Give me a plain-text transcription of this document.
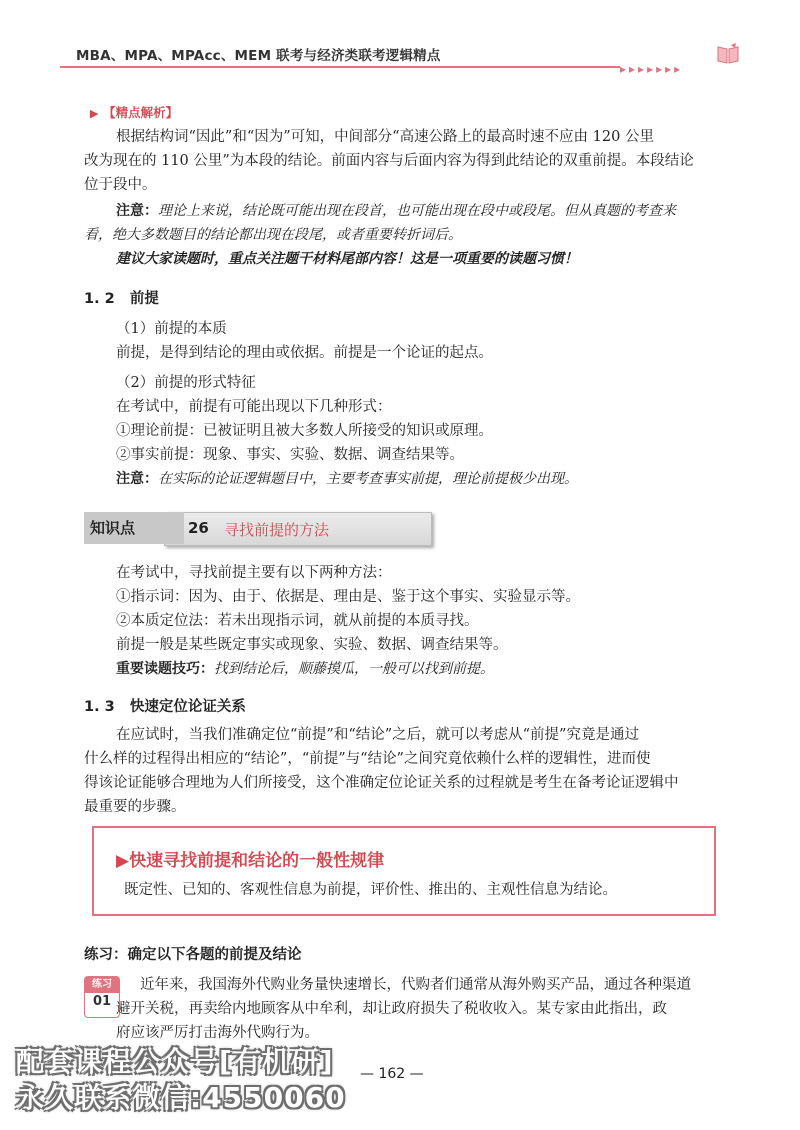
MBA、MPA、MPAcc、MEM 联考与经济类联考逻辑精点
▸▸▸▸▸▸▸
▶ 【精点解析】
根据结构词“因此”和“因为”可知，中间部分“高速公路上的最高时速不应由 120 公里
改为现在的 110 公里”为本段的结论。前面内容与后面内容为得到此结论的双重前提。本段结论
位于段中。
注意：理论上来说，结论既可能出现在段首，也可能出现在段中或段尾。但从真题的考查来
看，绝大多数题目的结论都出现在段尾，或者重要转折词后。
建议大家读题时，重点关注题干材料尾部内容！这是一项重要的读题习惯！
1. 2 前提
（1）前提的本质
前提，是得到结论的理由或依据。前提是一个论证的起点。
（2）前提的形式特征
在考试中，前提有可能出现以下几种形式：
①理论前提：已被证明且被大多数人所接受的知识或原理。
②事实前提：现象、事实、实验、数据、调查结果等。
注意：在实际的论证逻辑题目中，主要考查事实前提，理论前提极少出现。
知识点	26 寻找前提的方法
在考试中，寻找前提主要有以下两种方法：
①指示词：因为、由于、依据是、理由是、鉴于这个事实、实验显示等。
②本质定位法：若未出现指示词，就从前提的本质寻找。
前提一般是某些既定事实或现象、实验、数据、调查结果等。
重要读题技巧：找到结论后，顺藤摸瓜，一般可以找到前提。
1. 3 快速定位论证关系
在应试时，当我们准确定位“前提”和“结论”之后，就可以考虑从“前提”究竟是通过
什么样的过程得出相应的“结论”，“前提”与“结论”之间究竟依赖什么样的逻辑性，进而使
得该论证能够合理地为人们所接受，这个准确定位论证关系的过程就是考生在备考论证逻辑中
最重要的步骤。
▶快速寻找前提和结论的一般性规律
既定性、已知的、客观性信息为前提，评价性、推出的、主观性信息为结论。
练习：确定以下各题的前提及结论
练习
01
近年来，我国海外代购业务量快速增长，代购者们通常从海外购买产品，通过各种渠道
避开关税，再卖给内地顾客从中牟利，却让政府损失了税收收入。某专家由此指出，政
府应该严厉打击海外代购行为。
— 162 —
配套课程公众号[有机研]
永久联系微信:4550060
